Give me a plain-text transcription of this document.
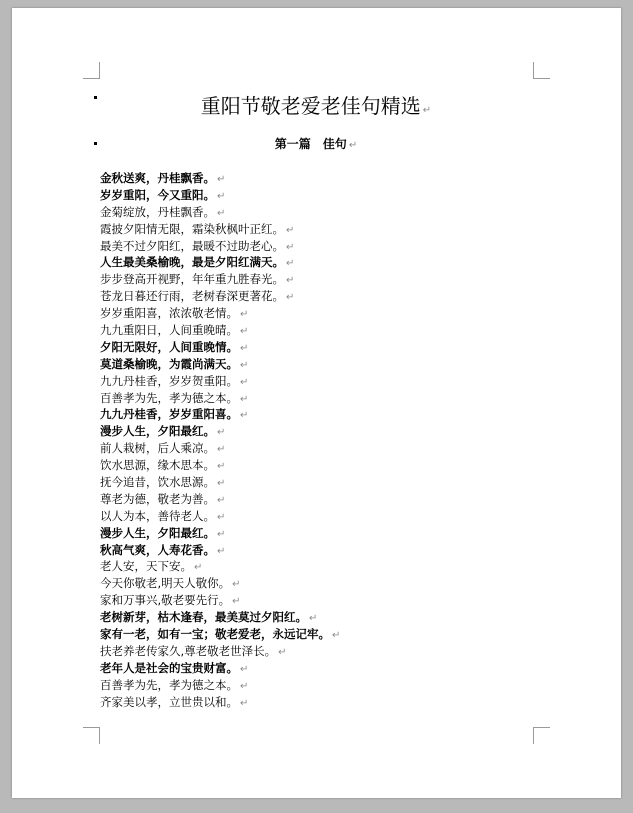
重阳节敬老爱老佳句精选 ↵
第一篇　佳句 ↵
金秋送爽，丹桂飘香。 ↵
岁岁重阳，今又重阳。 ↵
金菊绽放，丹桂飘香。 ↵
霞披夕阳情无限，霜染秋枫叶正红。 ↵
最美不过夕阳红，最暖不过助老心。 ↵
人生最美桑榆晚，最是夕阳红满天。 ↵
步步登高开视野，年年重九胜春光。 ↵
苍龙日暮还行雨，老树春深更著花。 ↵
岁岁重阳喜，浓浓敬老情。 ↵
九九重阳日，人间重晚晴。 ↵
夕阳无限好，人间重晚情。 ↵
莫道桑榆晚，为霞尚满天。 ↵
九九丹桂香，岁岁贺重阳。 ↵
百善孝为先，孝为德之本。 ↵
九九丹桂香，岁岁重阳喜。 ↵
漫步人生，夕阳最红。 ↵
前人栽树，后人乘凉。 ↵
饮水思源，缘木思本。 ↵
抚今追昔，饮水思源。 ↵
尊老为德，敬老为善。 ↵
以人为本，善待老人。 ↵
漫步人生，夕阳最红。 ↵
秋高气爽，人寿花香。 ↵
老人安，天下安。 ↵
今天你敬老,明天人敬你。 ↵
家和万事兴,敬老要先行。 ↵
老树新芽，枯木逢春，最美莫过夕阳红。 ↵
家有一老，如有一宝；敬老爱老，永远记牢。 ↵
扶老养老传家久,尊老敬老世泽长。 ↵
老年人是社会的宝贵财富。 ↵
百善孝为先，孝为德之本。 ↵
齐家美以孝，立世贵以和。 ↵
